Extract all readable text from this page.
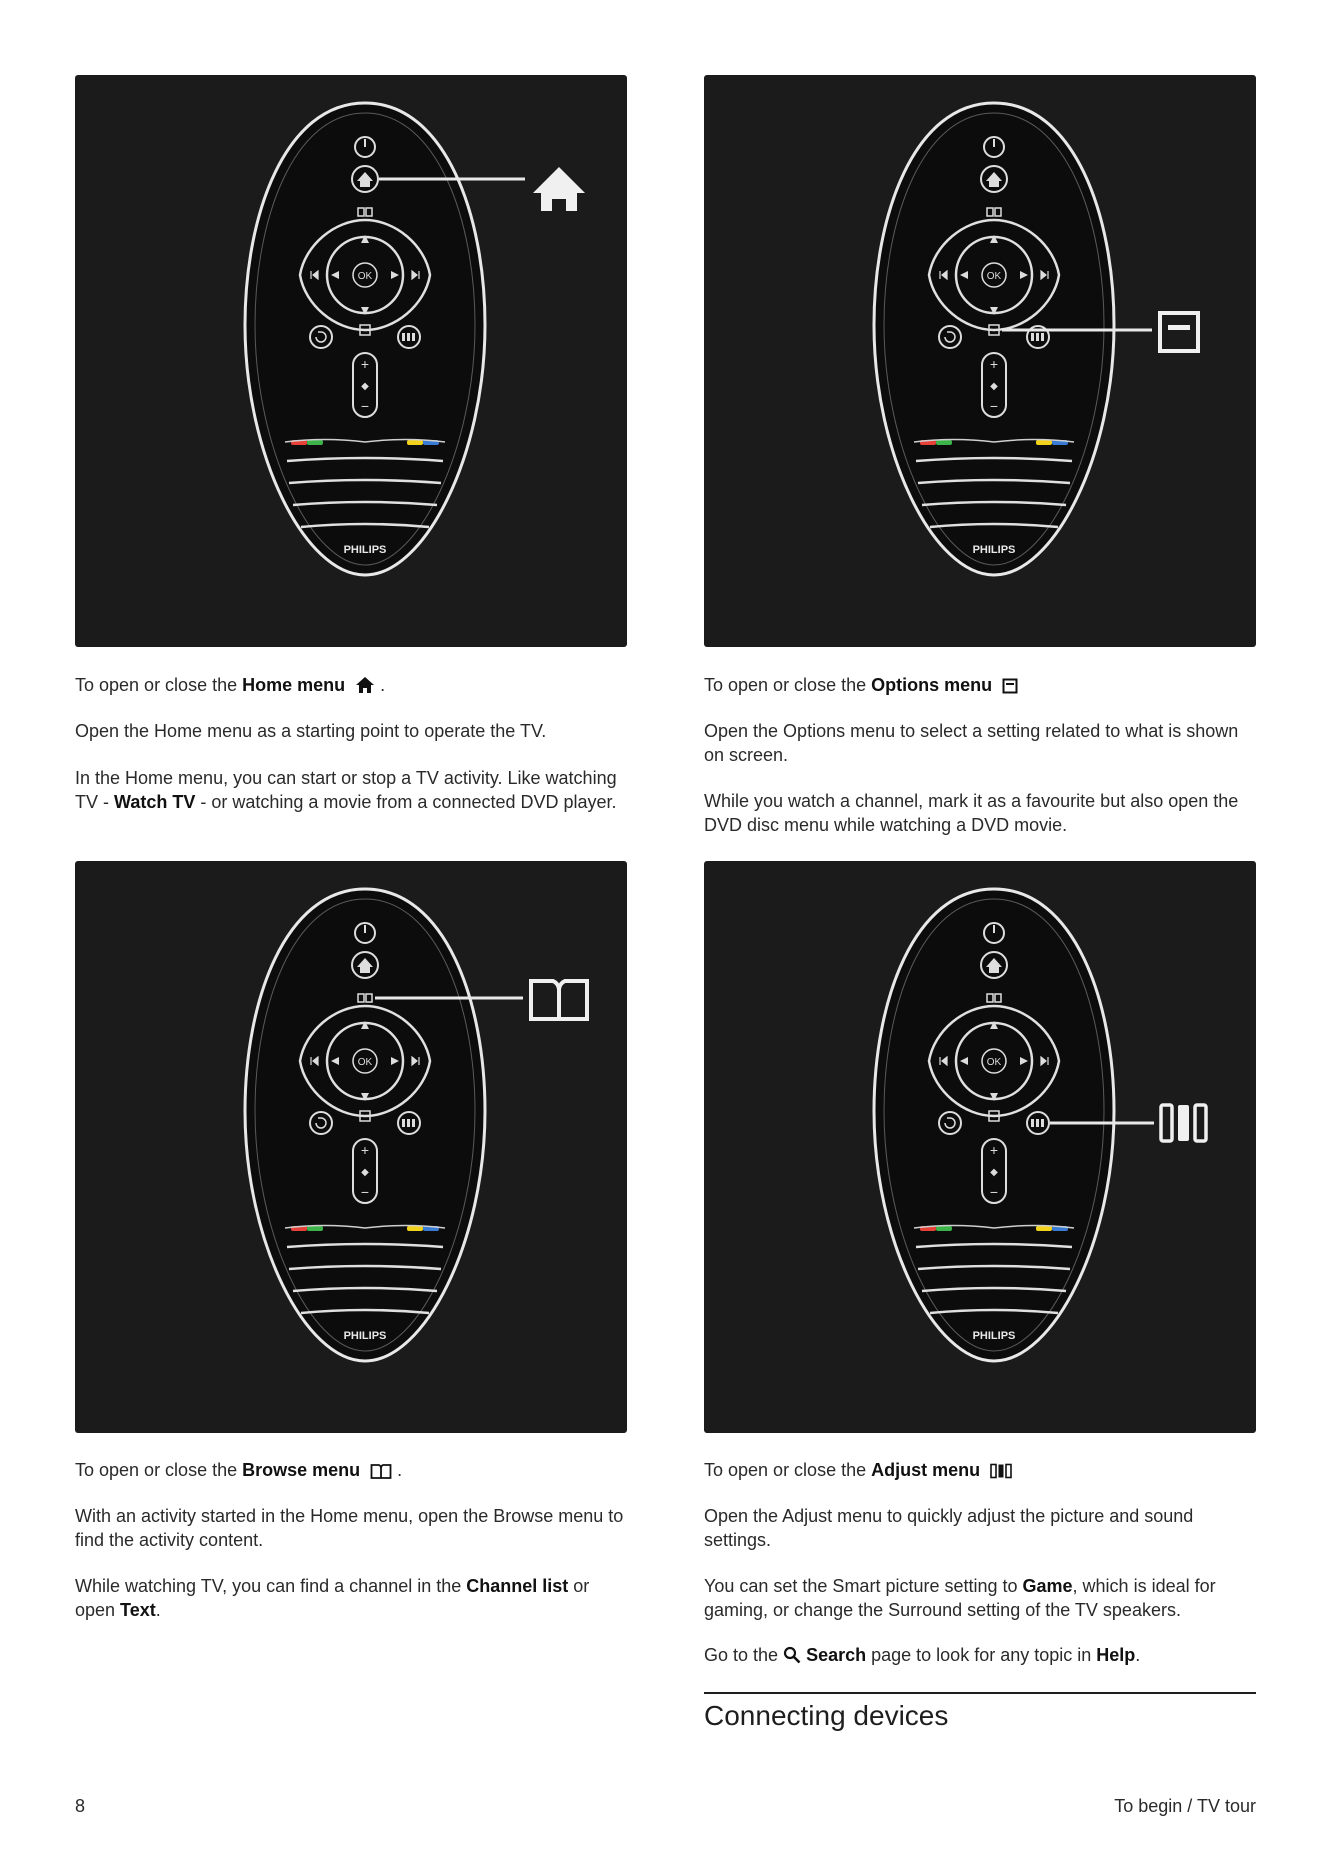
To open or close the Home menu  .

Open the Home menu as a starting point to operate the TV.

In the Home menu, you can start or stop a TV activity. Like watching TV - Watch TV - or watching a movie from a connected DVD player.

To open or close the Options menu

Open the Options menu to select a setting related to what is shown on screen.

While you watch a channel, mark it as a favourite but also open the DVD disc menu while watching a DVD movie.

To open or close the Browse menu  .

With an activity started in the Home menu, open the Browse menu to find the activity content.

While watching TV, you can find a channel in the Channel list or open Text.

To open or close the Adjust menu

Open the Adjust menu to quickly adjust the picture and sound settings.

You can set the Smart picture setting to Game, which is ideal for gaming, or change the Surround setting of the TV speakers.

Go to the Search page to look for any topic in Help.

Connecting devices
8	To begin / TV tour
